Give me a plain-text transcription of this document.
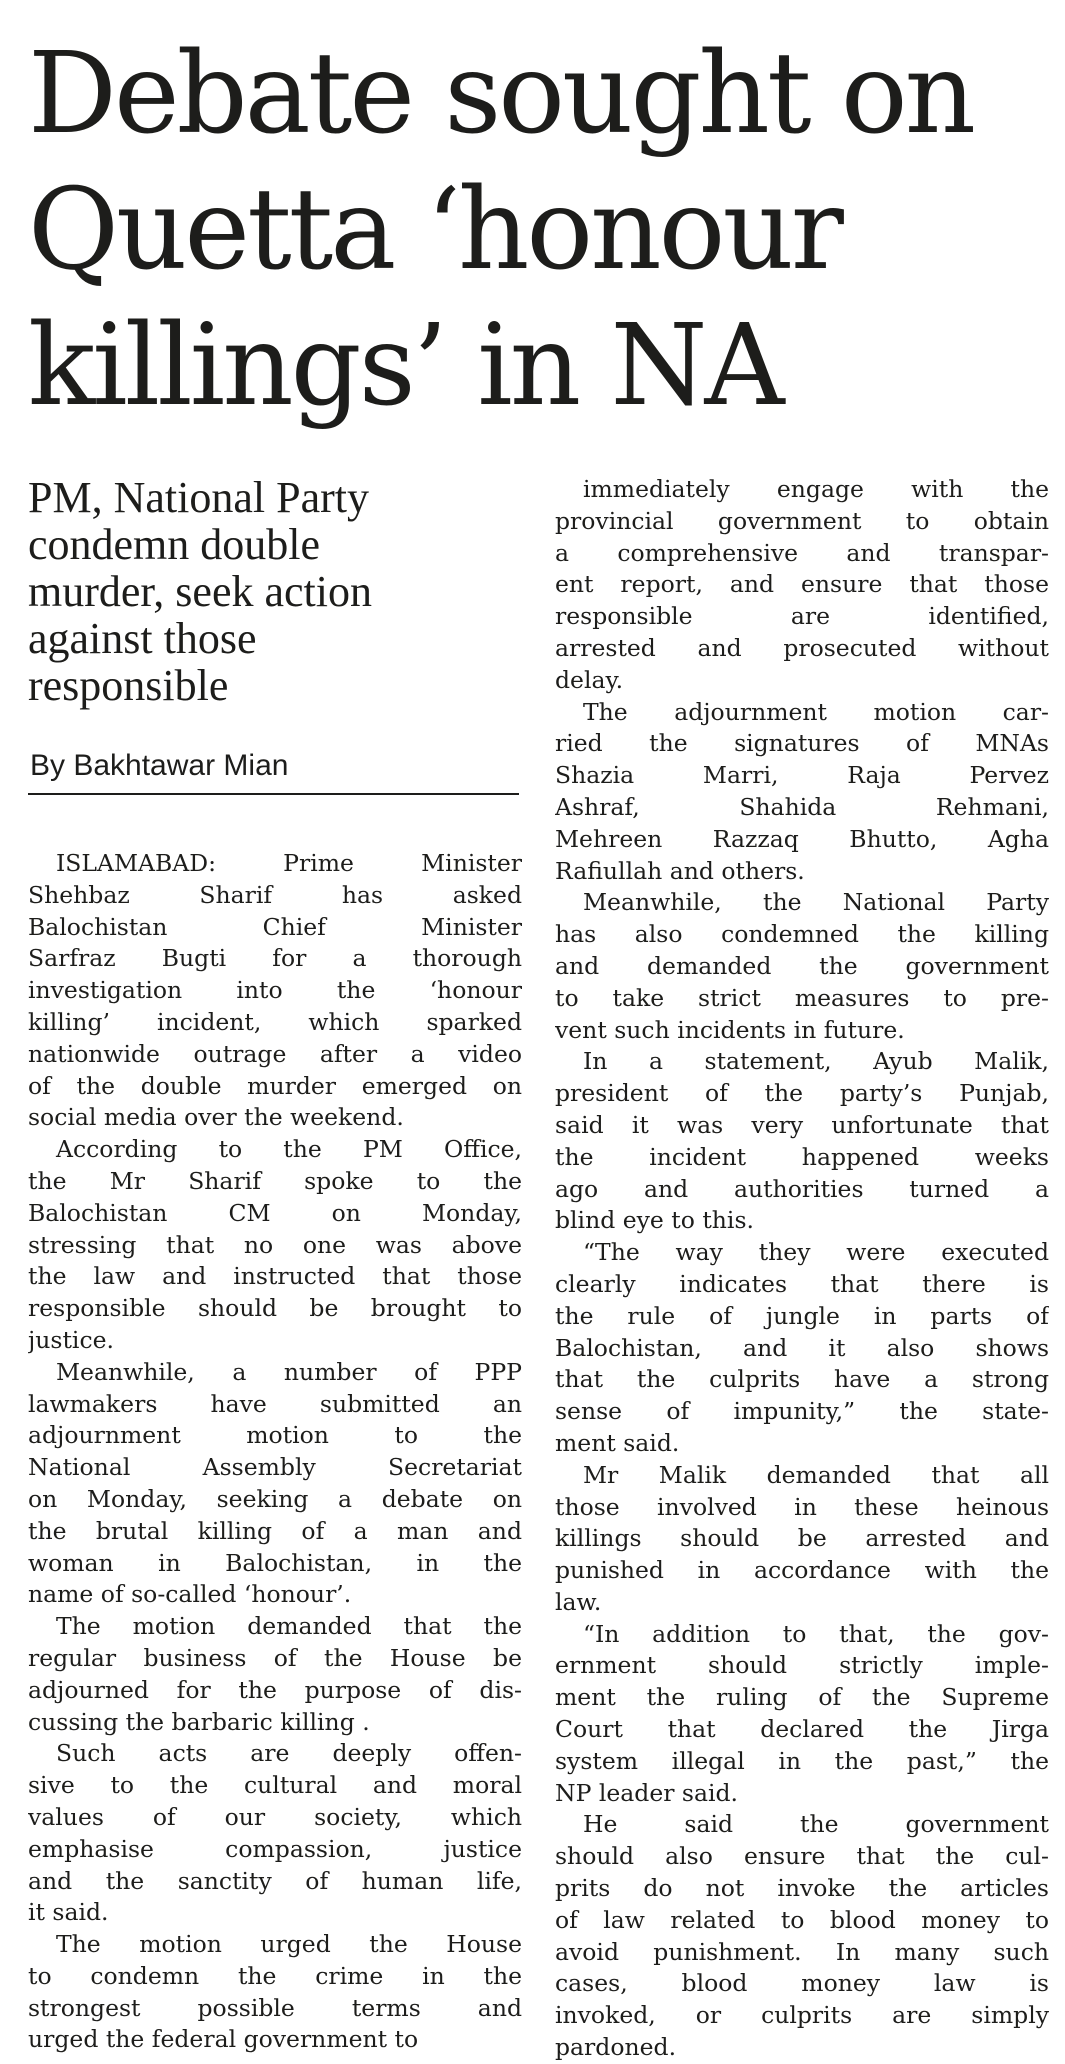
Debate sought on
Quetta ‘honour
killings’ in NA
PM, National Party
condemn double
murder, seek action
against those
responsible
By Bakhtawar Mian

ISLAMABAD: Prime Minister
Shehbaz Sharif has asked
Balochistan Chief Minister
Sarfraz Bugti for a thorough
investigation into the ‘honour
killing’ incident, which sparked
nationwide outrage after a video
of the double murder emerged on
social media over the weekend.

According to the PM Office,
the Mr Sharif spoke to the
Balochistan CM on Monday,
stressing that no one was above
the law and instructed that those
responsible should be brought to
justice.

Meanwhile, a number of PPP
lawmakers have submitted an
adjournment motion to the
National Assembly Secretariat
on Monday, seeking a debate on
the brutal killing of a man and
woman in Balochistan, in the
name of so-called ‘honour’.

The motion demanded that the
regular business of the House be
adjourned for the purpose of dis-
cussing the barbaric killing .

Such acts are deeply offen-
sive to the cultural and moral
values of our society, which
emphasise compassion, justice
and the sanctity of human life,
it said.

The motion urged the House
to condemn the crime in the
strongest possible terms and
urged the federal government to

immediately engage with the
provincial government to obtain
a comprehensive and transpar-
ent report, and ensure that those
responsible are identified,
arrested and prosecuted without
delay.

The adjournment motion car-
ried the signatures of MNAs
Shazia Marri, Raja Pervez
Ashraf, Shahida Rehmani,
Mehreen Razzaq Bhutto, Agha
Rafiullah and others.

Meanwhile, the National Party
has also condemned the killing
and demanded the government
to take strict measures to pre-
vent such incidents in future.

In a statement, Ayub Malik,
president of the party’s Punjab,
said it was very unfortunate that
the incident happened weeks
ago and authorities turned a
blind eye to this.

“The way they were executed
clearly indicates that there is
the rule of jungle in parts of
Balochistan, and it also shows
that the culprits have a strong
sense of impunity,” the state-
ment said.

Mr Malik demanded that all
those involved in these heinous
killings should be arrested and
punished in accordance with the
law.

“In addition to that, the gov-
ernment should strictly imple-
ment the ruling of the Supreme
Court that declared the Jirga
system illegal in the past,” the
NP leader said.

He said the government
should also ensure that the cul-
prits do not invoke the articles
of law related to blood money to
avoid punishment. In many such
cases, blood money law is
invoked, or culprits are simply
pardoned.
